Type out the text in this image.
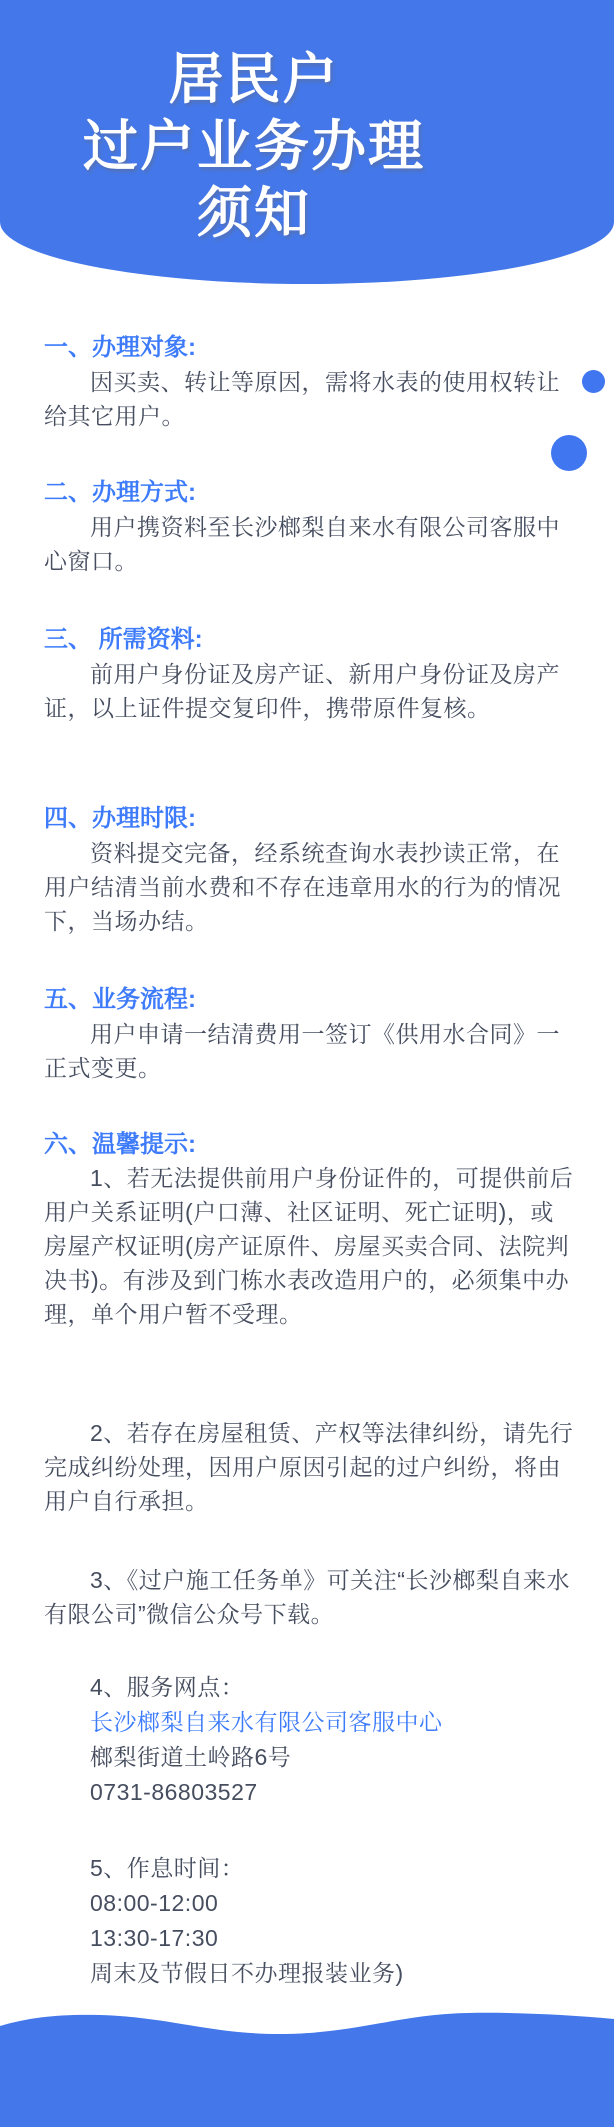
居民户
过户业务办理
须知
一、办理对象:

因买卖、转让等原因，需将水表的使用权转让给其它用户。

二、办理方式:

用户携资料至长沙榔梨自来水有限公司客服中心窗口。

三、 所需资料:

前用户身份证及房产证、新用户身份证及房产证，以上证件提交复印件，携带原件复核。

四、办理时限:

资料提交完备，经系统查询水表抄读正常，在用户结清当前水费和不存在违章用水的行为的情况下，当场办结。

五、业务流程:

用户申请一结清费用一签订《供用水合同》一正式变更。

六、温馨提示:

1、若无法提供前用户身份证件的，可提供前后用户关系证明(户口薄、社区证明、死亡证明)，或房屋产权证明(房产证原件、房屋买卖合同、法院判决书)。有涉及到门栋水表改造用户的，必须集中办理，单个用户暂不受理。

2、若存在房屋租赁、产权等法律纠纷，请先行完成纠纷处理，因用户原因引起的过户纠纷，将由用户自行承担。

3、《过户施工任务单》可关注“长沙榔梨自来水有限公司”微信公众号下载。

4、服务网点：
长沙榔梨自来水有限公司客服中心
榔梨街道土岭路6号
0731-86803527
5、作息时间：
08:00-12:00
13:30-17:30
周末及节假日不办理报装业务)
